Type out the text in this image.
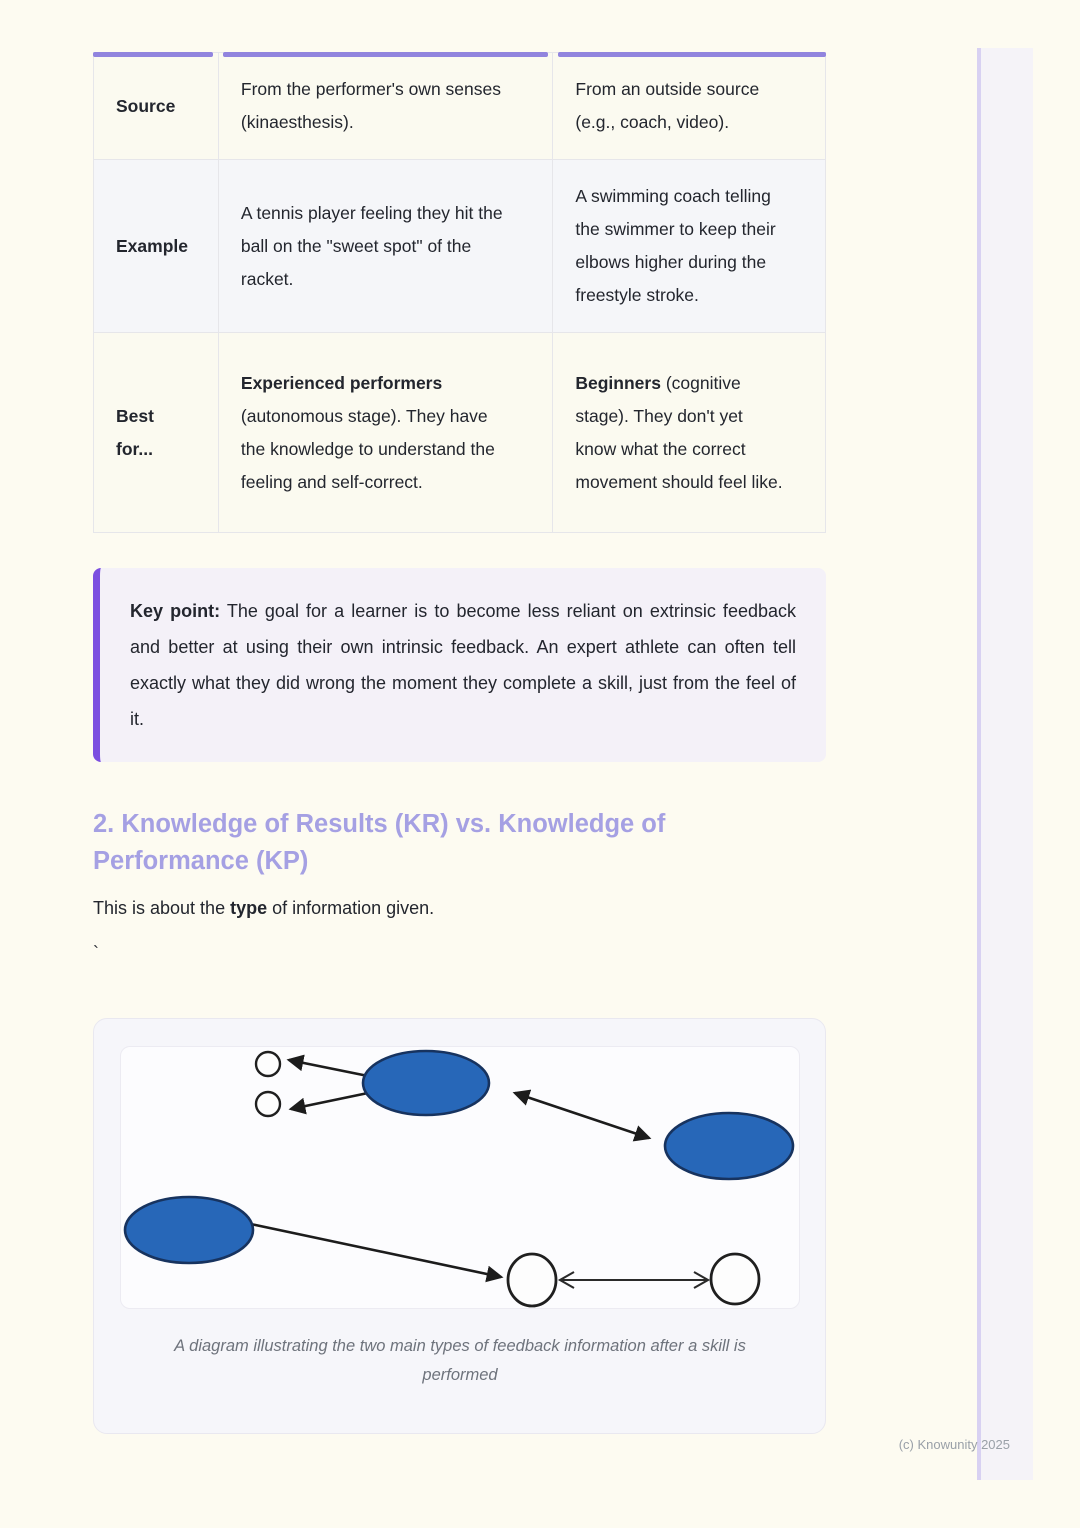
Source	From the performer's own senses (kinaesthesis).	From an outside source (e.g., coach, video).
Example	A tennis player feeling they hit the ball on the "sweet spot" of the racket.	A swimming coach telling the swimmer to keep their elbows higher during the freestyle stroke.
Best for...	Experienced performers (autonomous stage). They have the knowledge to understand the feeling and self-correct.	Beginners (cognitive stage). They don't yet know what the correct movement should feel like.
Key point: The goal for a learner is to become less reliant on extrinsic feedback and better at using their own intrinsic feedback. An expert athlete can often tell exactly what they did wrong the moment they complete a skill, just from the feel of it.
2. Knowledge of Results (KR) vs. Knowledge of Performance (KP)

This is about the type of information given.

`

A diagram illustrating the two main types of feedback information after a skill is performed
(c) Knowunity 2025
